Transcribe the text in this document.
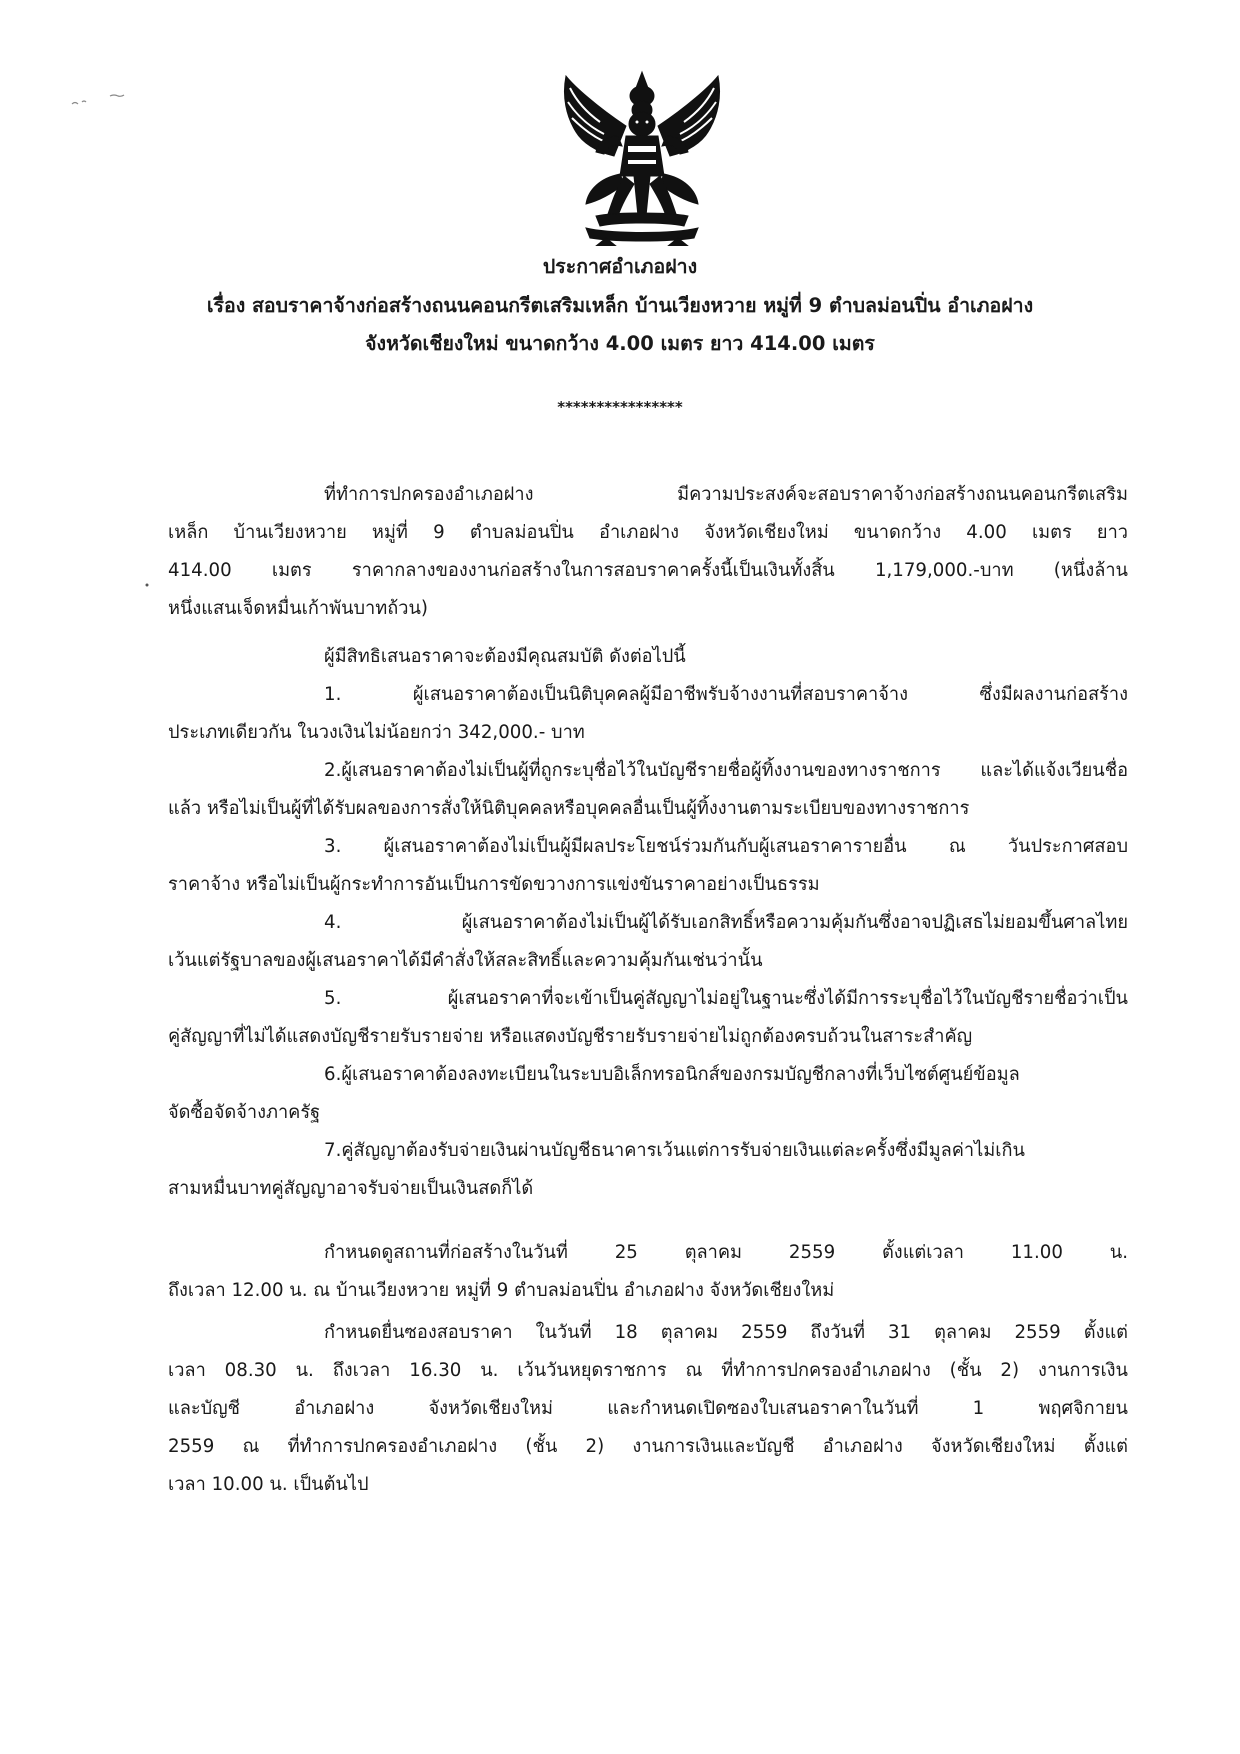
ประกาศอำเภอฝาง
เรื่อง สอบราคาจ้างก่อสร้างถนนคอนกรีตเสริมเหล็ก บ้านเวียงหวาย หมู่ที่ 9 ตำบลม่อนปิ่น อำเภอฝาง
จังหวัดเชียงใหม่ ขนาดกว้าง 4.00 เมตร ยาว 414.00 เมตร
****************
ที่ทำการปกครองอำเภอฝาง มีความประสงค์จะสอบราคาจ้างก่อสร้างถนนคอนกรีตเสริม
เหล็ก บ้านเวียงหวาย หมู่ที่ 9 ตำบลม่อนปิ่น อำเภอฝาง จังหวัดเชียงใหม่ ขนาดกว้าง 4.00 เมตร ยาว
414.00 เมตร ราคากลางของงานก่อสร้างในการสอบราคาครั้งนี้เป็นเงินทั้งสิ้น 1,179,000.-บาท (หนึ่งล้าน
หนึ่งแสนเจ็ดหมื่นเก้าพันบาทถ้วน)
ผู้มีสิทธิเสนอราคาจะต้องมีคุณสมบัติ ดังต่อไปนี้
1. ผู้เสนอราคาต้องเป็นนิติบุคคลผู้มีอาชีพรับจ้างงานที่สอบราคาจ้าง ซึ่งมีผลงานก่อสร้าง
ประเภทเดียวกัน ในวงเงินไม่น้อยกว่า 342,000.- บาท
2.ผู้เสนอราคาต้องไม่เป็นผู้ที่ถูกระบุชื่อไว้ในบัญชีรายชื่อผู้ทิ้งงานของทางราชการ และได้แจ้งเวียนชื่อ
แล้ว หรือไม่เป็นผู้ที่ได้รับผลของการสั่งให้นิติบุคคลหรือบุคคลอื่นเป็นผู้ทิ้งงานตามระเบียบของทางราชการ
3. ผู้เสนอราคาต้องไม่เป็นผู้มีผลประโยชน์ร่วมกันกับผู้เสนอราคารายอื่น ณ วันประกาศสอบ
ราคาจ้าง หรือไม่เป็นผู้กระทำการอันเป็นการขัดขวางการแข่งขันราคาอย่างเป็นธรรม
4. ผู้เสนอราคาต้องไม่เป็นผู้ได้รับเอกสิทธิ์หรือความคุ้มกันซึ่งอาจปฏิเสธไม่ยอมขึ้นศาลไทย
เว้นแต่รัฐบาลของผู้เสนอราคาได้มีคำสั่งให้สละสิทธิ์และความคุ้มกันเช่นว่านั้น
5. ผู้เสนอราคาที่จะเข้าเป็นคู่สัญญาไม่อยู่ในฐานะซึ่งได้มีการระบุชื่อไว้ในบัญชีรายชื่อว่าเป็น
คู่สัญญาที่ไม่ได้แสดงบัญชีรายรับรายจ่าย หรือแสดงบัญชีรายรับรายจ่ายไม่ถูกต้องครบถ้วนในสาระสำคัญ
6.ผู้เสนอราคาต้องลงทะเบียนในระบบอิเล็กทรอนิกส์ของกรมบัญชีกลางที่เว็บไซต์ศูนย์ข้อมูล
จัดซื้อจัดจ้างภาครัฐ
7.คู่สัญญาต้องรับจ่ายเงินผ่านบัญชีธนาคารเว้นแต่การรับจ่ายเงินแต่ละครั้งซึ่งมีมูลค่าไม่เกิน
สามหมื่นบาทคู่สัญญาอาจรับจ่ายเป็นเงินสดก็ได้
กำหนดดูสถานที่ก่อสร้างในวันที่ 25 ตุลาคม 2559 ตั้งแต่เวลา 11.00 น.
ถึงเวลา 12.00 น. ณ บ้านเวียงหวาย หมู่ที่ 9 ตำบลม่อนปิ่น อำเภอฝาง จังหวัดเชียงใหม่
กำหนดยื่นซองสอบราคา ในวันที่ 18 ตุลาคม 2559 ถึงวันที่ 31 ตุลาคม 2559 ตั้งแต่
เวลา 08.30 น. ถึงเวลา 16.30 น. เว้นวันหยุดราชการ ณ ที่ทำการปกครองอำเภอฝาง (ชั้น 2) งานการเงิน
และบัญชี อำเภอฝาง จังหวัดเชียงใหม่ และกำหนดเปิดซองใบเสนอราคาในวันที่ 1 พฤศจิกายน
2559 ณ ที่ทำการปกครองอำเภอฝาง (ชั้น 2) งานการเงินและบัญชี อำเภอฝาง จังหวัดเชียงใหม่ ตั้งแต่
เวลา 10.00 น. เป็นต้นไป
